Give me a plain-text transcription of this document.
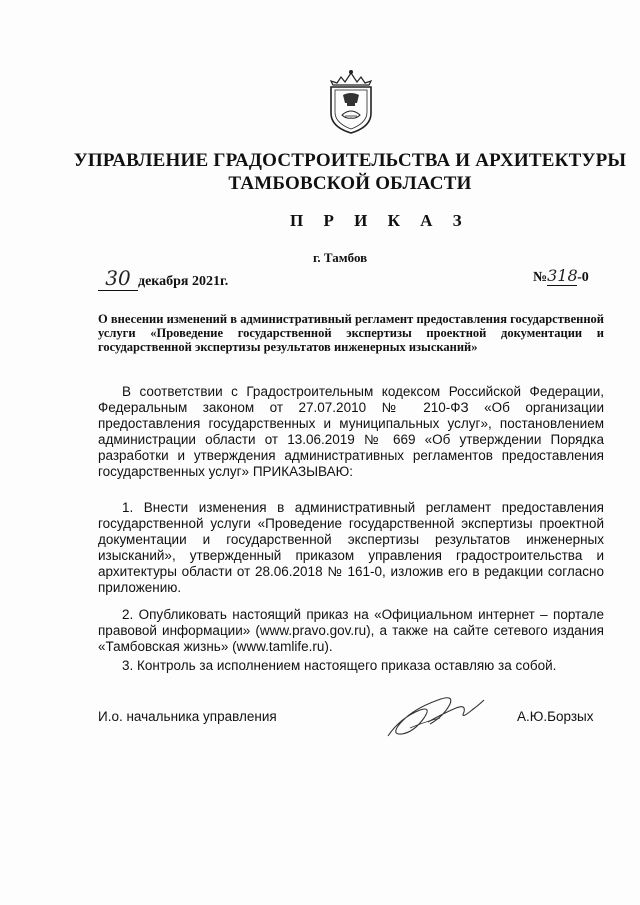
УПРАВЛЕНИЕ ГРАДОСТРОИТЕЛЬСТВА И АРХИТЕКТУРЫ
ТАМБОВСКОЙ ОБЛАСТИ
П Р И К А З
г. Тамбов
30 декабря 2021г.	№318-0
О внесении изменений в административный регламент предоставления государственной услуги «Проведение государственной экспертизы проектной документации и государственной экспертизы результатов инженерных изысканий»
В соответствии с Градостроительным кодексом Российской Федерации, Федеральным законом от 27.07.2010 № 210-ФЗ «Об организации предоставления государственных и муниципальных услуг», постановлением администрации области от 13.06.2019 № 669 «Об утверждении Порядка разработки и утверждения административных регламентов предоставления государственных услуг» ПРИКАЗЫВАЮ:
1. Внести изменения в административный регламент предоставления государственной услуги «Проведение государственной экспертизы проектной документации и государственной экспертизы результатов инженерных изысканий», утвержденный приказом управления градостроительства и архитектуры области от 28.06.2018 № 161-0, изложив его в редакции согласно приложению.
2. Опубликовать настоящий приказ на «Официальном интернет – портале правовой информации» (www.pravo.gov.ru), а также на сайте сетевого издания «Тамбовская жизнь» (www.tamlife.ru).
3. Контроль за исполнением настоящего приказа оставляю за собой.
И.о. начальника управления	А.Ю.Борзых
